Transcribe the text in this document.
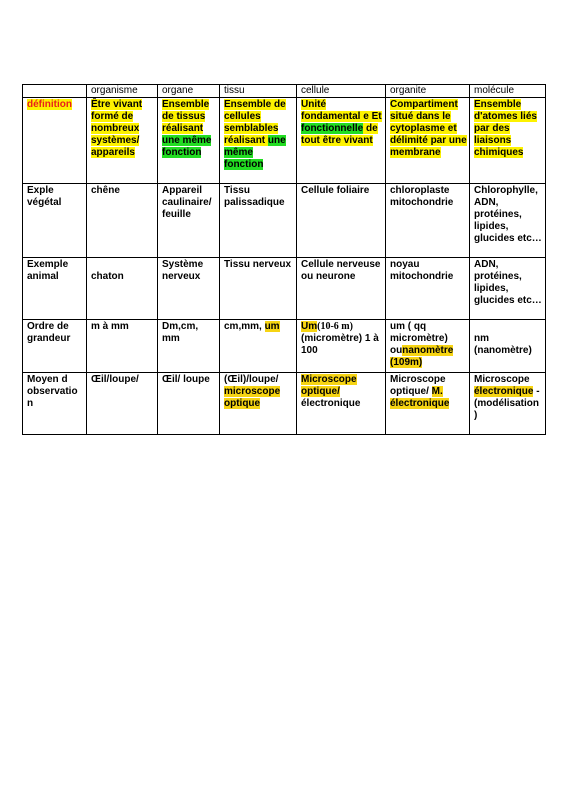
	organisme	organe	tissu	cellule	organite	molécule
définition	Être vivant formé de nombreux systèmes/ appareils	Ensemble de tissus réalisant une même fonction	Ensemble de cellules semblables réalisant une même fonction	Unité fondamental e Et fonctionnelle de tout être vivant	Compartiment situé dans le cytoplasme et délimité par une membrane	Ensemble d'atomes liés par des liaisons chimiques
Exple végétal	chêne	Appareil caulinaire/ feuille	Tissu palissadique	Cellule foliaire	chloroplaste mitochondrie	Chlorophylle, ADN, protéines, lipides, glucides etc…
Exemple animal	chaton	Système nerveux	Tissu nerveux	Cellule nerveuse ou neurone	noyau mitochondrie	ADN, protéines, lipides, glucides etc…
Ordre de grandeur	m à mm	Dm,cm, mm	cm,mm, um	Um(10-6 m) (micromètre) 1 à 100	um ( qq micromètre) ounanomètre (109m)	nm (nanomètre)
Moyen d observatio n	Œil/loupe/	Œil/ loupe	(Œil)/loupe/ microscope optique	Microscope optique/ électronique	Microscope optique/ M. électronique	Microscope électronique - (modélisation )
